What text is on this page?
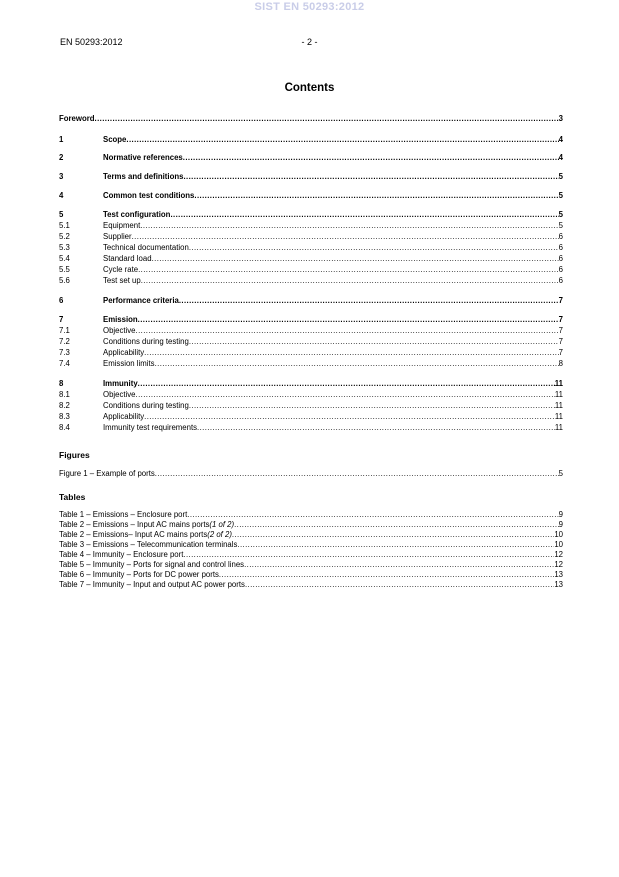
SIST EN 50293:2012
EN 50293:2012	- 2 -
Contents
Foreword .....	3
1	Scope .....	4
2	Normative references .....	4
3	Terms and definitions .....	5
4	Common test conditions .....	5
5	Test configuration .....	5
5.1	Equipment .....	5
5.2	Supplier .....	6
5.3	Technical documentation .....	6
5.4	Standard load .....	6
5.5	Cycle rate .....	6
5.6	Test set up .....	6
6	Performance criteria .....	7
7	Emission .....	7
7.1	Objective .....	7
7.2	Conditions during testing .....	7
7.3	Applicability .....	7
7.4	Emission limits .....	8
8	Immunity .....	11
8.1	Objective .....	11
8.2	Conditions during testing .....	11
8.3	Applicability .....	11
8.4	Immunity test requirements .....	11
Figures
Figure 1 – Example of ports .....	5
Tables
Table 1 – Emissions – Enclosure port .....	9
Table 2 – Emissions – Input AC mains ports (1 of 2) .....	9
Table 2 – Emissions– Input AC mains ports (2 of 2) .....	10
Table 3 – Emissions – Telecommunication terminals .....	10
Table 4 – Immunity – Enclosure port .....	12
Table 5 – Immunity – Ports for signal and control lines .....	12
Table 6 – Immunity – Ports for DC power ports .....	13
Table 7 – Immunity – Input and output AC power ports .....	13
